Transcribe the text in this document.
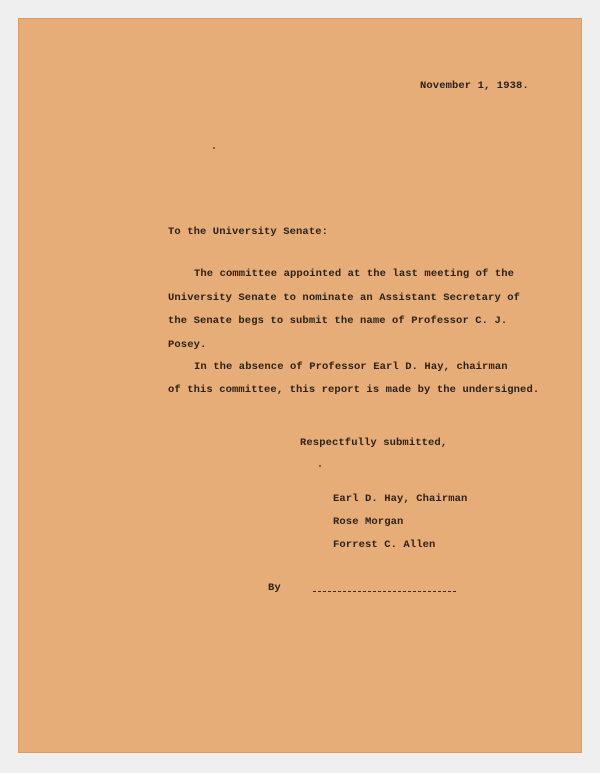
November 1, 1938.
To the University Senate:
The committee appointed at the last meeting of the
University Senate to nominate an Assistant Secretary of
the Senate begs to submit the name of Professor C. J.
Posey.
In the absence of Professor Earl D. Hay, chairman
of this committee, this report is made by the undersigned.
Respectfully submitted,
Earl D. Hay, Chairman
Rose Morgan
Forrest C. Allen
By
